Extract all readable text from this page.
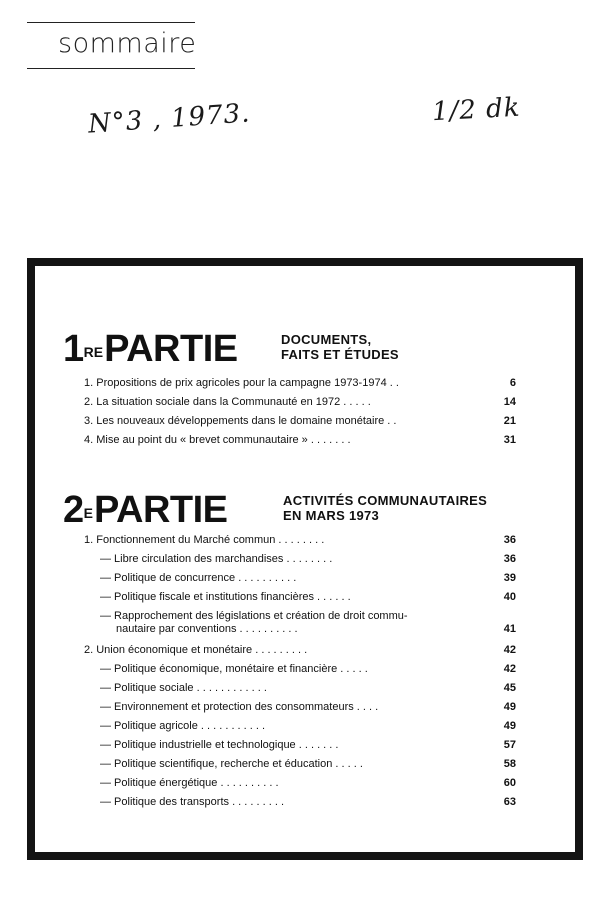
sommaire
N°3 , 1973.	1/2 dk
1REPARTIE	DOCUMENTS,
FAITS ET ÉTUDES
1. Propositions de prix agricoles pour la campagne 1973-1974 . .	6
2. La situation sociale dans la Communauté en 1972 . . . . .	14
3. Les nouveaux développements dans le domaine monétaire . .	21
4. Mise au point du « brevet communautaire » . . . . . . .	31
$2^EPARTIE$	ACTIVITÉS COMMUNAUTAIRES
EN MARS 1973
1. Fonctionnement du Marché commun . . . . . . . .	36
— Libre circulation des marchandises . . . . . . . .	36
— Politique de concurrence . . . . . . . . . .	39
— Politique fiscale et institutions financières . . . . . .	40
— Rapprochement des législations et création de droit commu-
nautaire par conventions . . . . . . . . . .	41
2. Union économique et monétaire . . . . . . . . .	42
— Politique économique, monétaire et financière . . . . .	42
— Politique sociale . . . . . . . . . . . .	45
— Environnement et protection des consommateurs . . . .	49
— Politique agricole . . . . . . . . . . .	49
— Politique industrielle et technologique . . . . . . .	57
— Politique scientifique, recherche et éducation . . . . .	58
— Politique énergétique . . . . . . . . . .	60
— Politique des transports . . . . . . . . .	63
